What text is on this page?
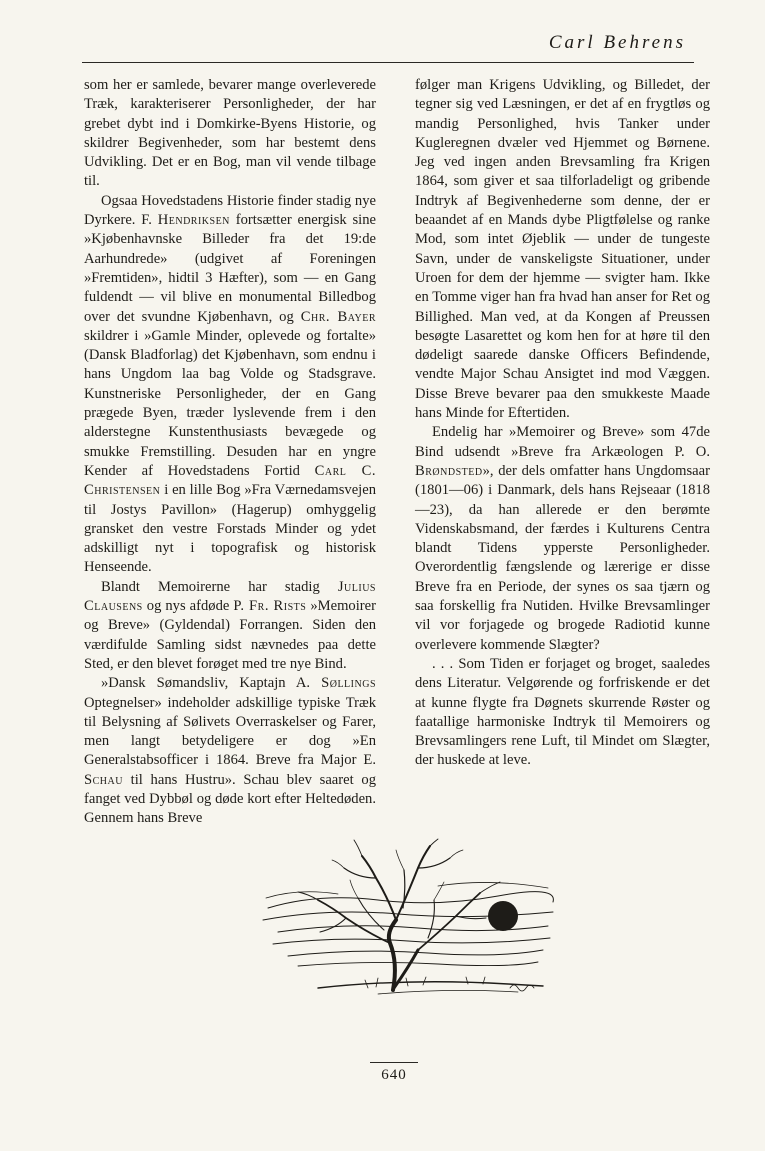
Carl Behrens

som her er samlede, bevarer mange overleverede Træk, karakteriserer Personligheder, der har grebet dybt ind i Domkirke-Byens Historie, og skildrer Begivenheder, som har bestemt dens Udvikling. Det er en Bog, man vil vende tilbage til.

Ogsaa Hovedstadens Historie finder stadig nye Dyrkere. F. Hendriksen fortsætter energisk sine »Kjøbenhavnske Billeder fra det 19:de Aarhundrede» (udgivet af Foreningen »Fremtiden», hidtil 3 Hæfter), som — en Gang fuldendt — vil blive en monumental Billedbog over det svundne Kjøbenhavn, og Chr. Bayer skildrer i »Gamle Minder, oplevede og fortalte» (Dansk Bladforlag) det Kjøbenhavn, som endnu i hans Ungdom laa bag Volde og Stadsgrave. Kunstneriske Personligheder, der en Gang prægede Byen, træder lyslevende frem i den alderstegne Kunstenthusiasts bevægede og smukke Fremstilling. Desuden har en yngre Kender af Hovedstadens Fortid Carl C. Christensen i en lille Bog »Fra Værnedamsvejen til Jostys Pavillon» (Hagerup) omhyggelig gransket den vestre Forstads Minder og ydet adskilligt nyt i topografisk og historisk Henseende.

Blandt Memoirerne har stadig Julius Clausens og nys afdøde P. Fr. Rists »Memoirer og Breve» (Gyldendal) Forrangen. Siden den værdifulde Samling sidst nævnedes paa dette Sted, er den blevet forøget med tre nye Bind.

»Dansk Sømandsliv, Kaptajn A. Søllings Optegnelser» indeholder adskillige typiske Træk til Belysning af Sølivets Overraskelser og Farer, men langt betydeligere er dog »En Generalstabsofficer i 1864. Breve fra Major E. Schau til hans Hustru». Schau blev saaret og fanget ved Dybbøl og døde kort efter Heltedøden. Gennem hans Breve

følger man Krigens Udvikling, og Billedet, der tegner sig ved Læsningen, er det af en frygtløs og mandig Personlighed, hvis Tanker under Kugleregnen dvæler ved Hjemmet og Børnene. Jeg ved ingen anden Brevsamling fra Krigen 1864, som giver et saa tilforladeligt og gribende Indtryk af Begivenhederne som denne, der er beaandet af en Mands dybe Pligtfølelse og ranke Mod, som intet Øjeblik — under de tungeste Savn, under de vanskeligste Situationer, under Uroen for dem der hjemme — svigter ham. Ikke en Tomme viger han fra hvad han anser for Ret og Billighed. Man ved, at da Kongen af Preussen besøgte Lasarettet og kom hen for at høre til den dødeligt saarede danske Officers Befindende, vendte Major Schau Ansigtet ind mod Væggen. Disse Breve bevarer paa den smukkeste Maade hans Minde for Eftertiden.

Endelig har »Memoirer og Breve» som 47de Bind udsendt »Breve fra Arkæologen P. O. Brøndsted», der dels omfatter hans Ungdomsaar (1801—06) i Danmark, dels hans Rejseaar (1818—23), da han allerede er den berømte Videnskabsmand, der færdes i Kulturens Centra blandt Tidens ypperste Personligheder. Overordentlig fængslende og lærerige er disse Breve fra en Periode, der synes os saa tjærn og saa forskellig fra Nutiden. Hvilke Brevsamlinger vil vor forjagede og brogede Radiotid kunne overlevere kommende Slægter?

. . . Som Tiden er forjaget og broget, saaledes dens Literatur. Velgørende og forfriskende er det at kunne flygte fra Døgnets skurrende Røster og faatallige harmoniske Indtryk til Memoirers og Brevsamlingers rene Luft, til Mindet om Slægter, der huskede at leve.

640
